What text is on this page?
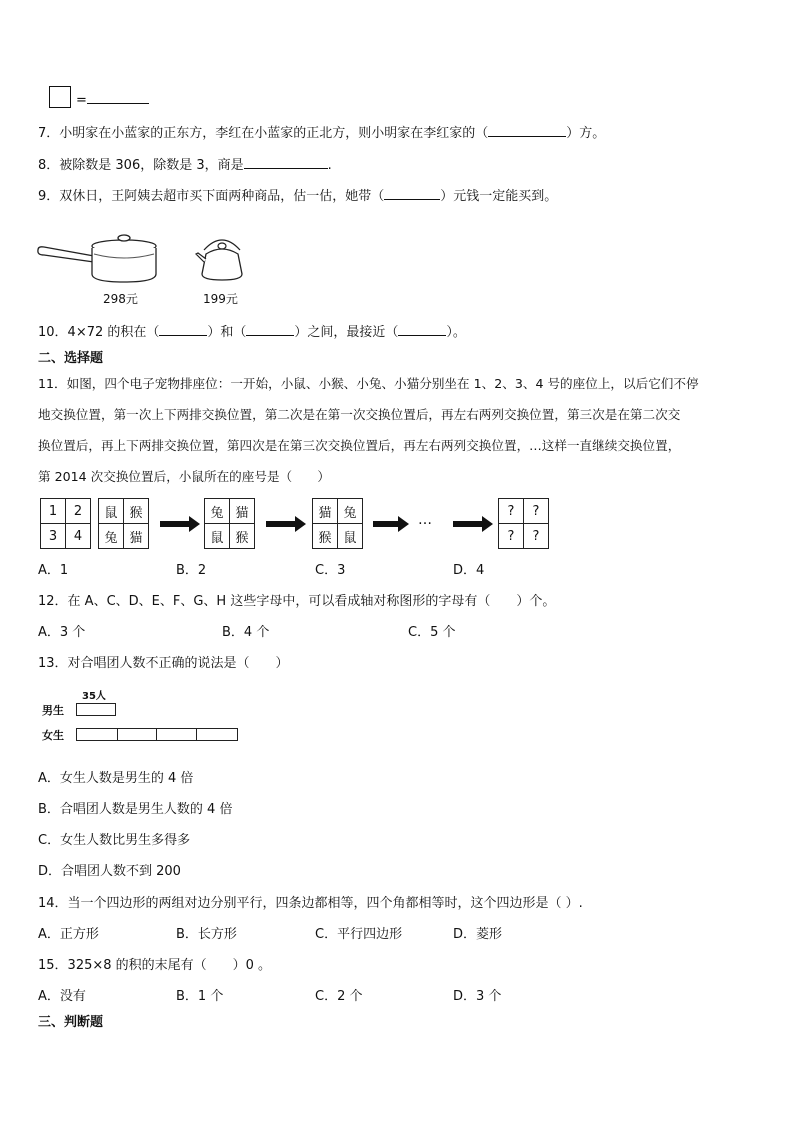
=
7．小明家在小蓝家的正东方，李红在小蓝家的正北方，则小明家在李红家的（	）方。
8．被除数是 306，除数是 3，商是	.
9．双休日，王阿姨去超市买下面两种商品，估一估，她带（	）元钱一定能买到。
298元	199元
10．4×72 的积在（	）和（	）之间，最接近（	）。
二、选择题
11．如图，四个电子宠物排座位：一开始，小鼠、小猴、小兔、小猫分别坐在 1、2、3、4 号的座位上，以后它们不停
地交换位置，第一次上下两排交换位置，第二次是在第一次交换位置后，再左右两列交换位置，第三次是在第二次交
换位置后，再上下两排交换位置，第四次是在第三次交换位置后，再左右两列交换位置，…这样一直继续交换位置，
第 2014 次交换位置后，小鼠所在的座号是（　　）
1	2
3	4
鼠	猴
兔	猫
兔	猫
鼠	猴
猫	兔
猴	鼠
…
?	?
?	?
A．1	B．2	C．3	D．4
12．在 A、C、D、E、F、G、H 这些字母中，可以看成轴对称图形的字母有（　　）个。
A．3 个	B．4 个	C．5 个
13．对合唱团人数不正确的说法是（　　）
35人
男生
女生
A．女生人数是男生的 4 倍
B．合唱团人数是男生人数的 4 倍
C．女生人数比男生多得多
D．合唱团人数不到 200
14．当一个四边形的两组对边分别平行，四条边都相等，四个角都相等时，这个四边形是（ ）.
A．正方形	B．长方形	C．平行四边形	D．菱形
15．325×8 的积的末尾有（　　）0 。
A．没有	B．1 个	C．2 个	D．3 个
三、判断题
